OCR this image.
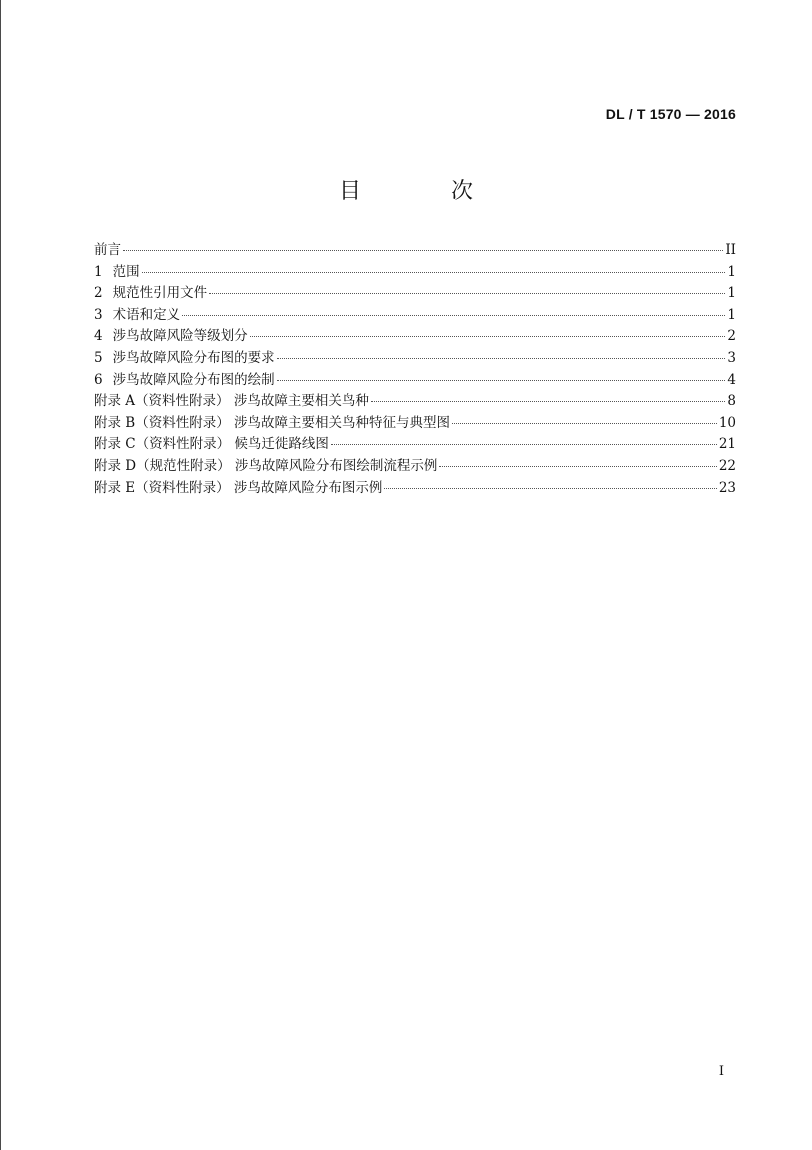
DL / T 1570 — 2016
目　次
前言	II
1 范围	1
2 规范性引用文件	1
3 术语和定义	1
4 涉鸟故障风险等级划分	2
5 涉鸟故障风险分布图的要求	3
6 涉鸟故障风险分布图的绘制	4
附录 A（资料性附录） 涉鸟故障主要相关鸟种	8
附录 B（资料性附录） 涉鸟故障主要相关鸟种特征与典型图	10
附录 C（资料性附录） 候鸟迁徙路线图	21
附录 D（规范性附录） 涉鸟故障风险分布图绘制流程示例	22
附录 E（资料性附录） 涉鸟故障风险分布图示例	23
I
